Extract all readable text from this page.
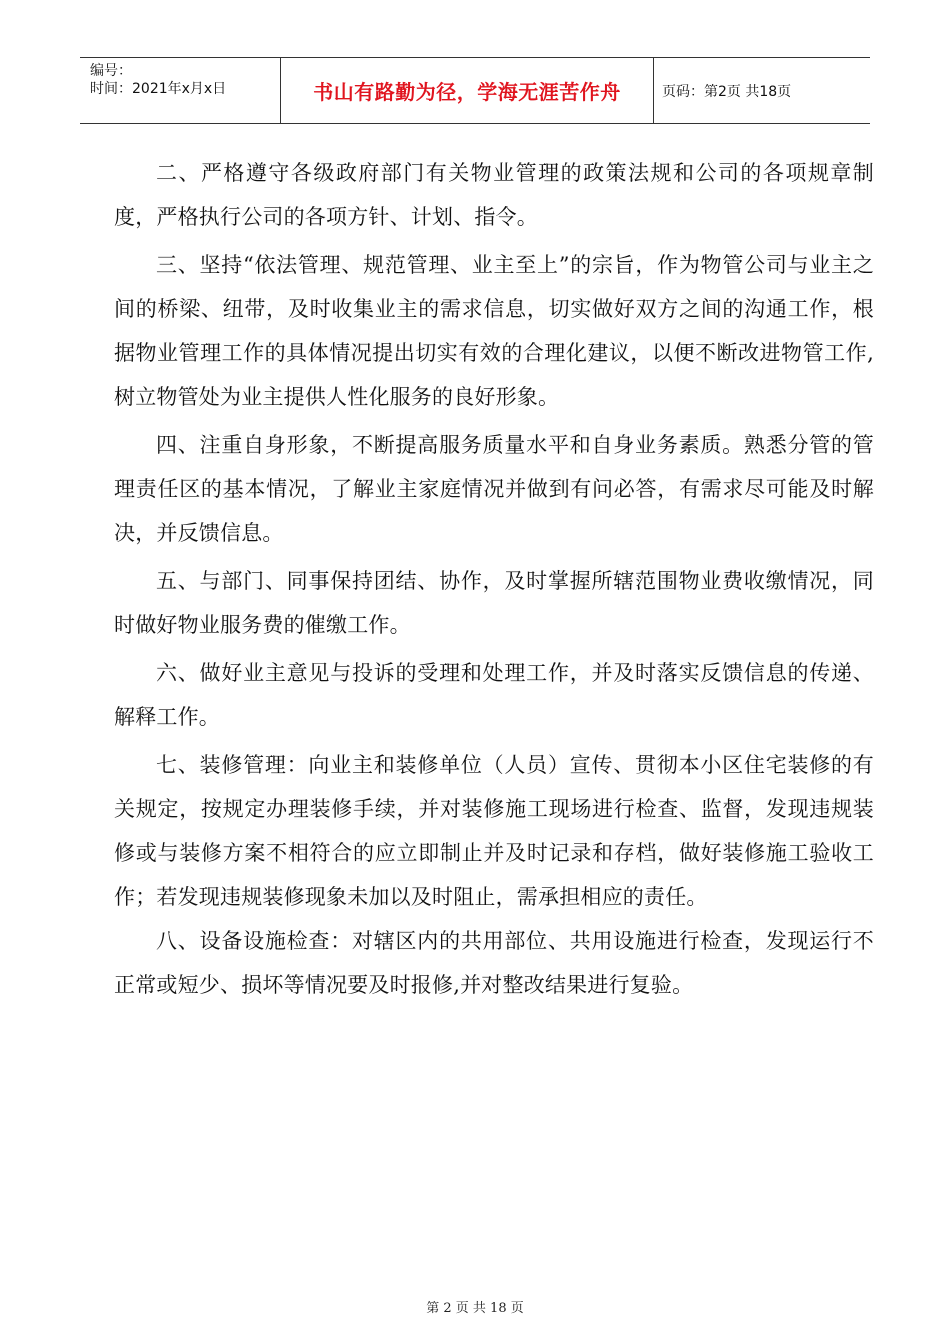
编号：
时间：2021年x月x日	书山有路勤为径，学海无涯苦作舟	页码：第2页 共18页

二、严格遵守各级政府部门有关物业管理的政策法规和公司的各项规章制度，严格执行公司的各项方针、计划、指令。

三、坚持“依法管理、规范管理、业主至上”的宗旨，作为物管公司与业主之间的桥梁、纽带，及时收集业主的需求信息，切实做好双方之间的沟通工作，根据物业管理工作的具体情况提出切实有效的合理化建议，以便不断改进物管工作,树立物管处为业主提供人性化服务的良好形象。

四、注重自身形象，不断提高服务质量水平和自身业务素质。熟悉分管的管理责任区的基本情况，了解业主家庭情况并做到有问必答，有需求尽可能及时解决，并反馈信息。

五、与部门、同事保持团结、协作，及时掌握所辖范围物业费收缴情况，同时做好物业服务费的催缴工作。

六、做好业主意见与投诉的受理和处理工作，并及时落实反馈信息的传递、解释工作。

七、装修管理：向业主和装修单位（人员）宣传、贯彻本小区住宅装修的有关规定，按规定办理装修手续，并对装修施工现场进行检查、监督，发现违规装修或与装修方案不相符合的应立即制止并及时记录和存档，做好装修施工验收工作；若发现违规装修现象未加以及时阻止，需承担相应的责任。

八、设备设施检查：对辖区内的共用部位、共用设施进行检查，发现运行不正常或短少、损坏等情况要及时报修,并对整改结果进行复验。

第 2 页 共 18 页
